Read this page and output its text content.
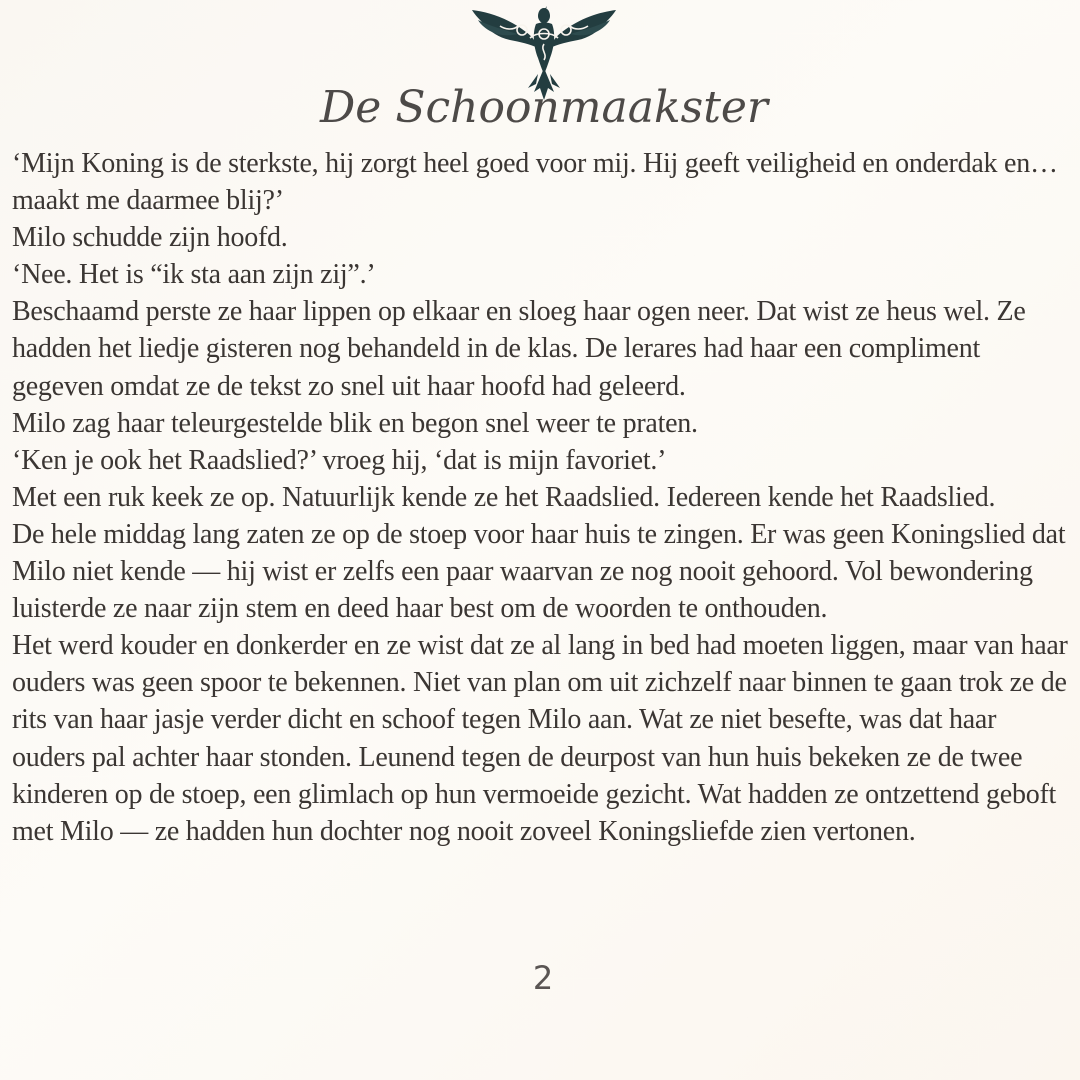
De Schoonmaakster

‘Mijn Koning is de sterkste, hij zorgt heel goed voor mij. Hij geeft veiligheid en onderdak en… maakt me daarmee blij?’

Milo schudde zijn hoofd.

‘Nee. Het is “ik sta aan zijn zij”.’

Beschaamd perste ze haar lippen op elkaar en sloeg haar ogen neer. Dat wist ze heus wel. Ze hadden het liedje gisteren nog behandeld in de klas. De lerares had haar een compliment gegeven omdat ze de tekst zo snel uit haar hoofd had geleerd.

Milo zag haar teleurgestelde blik en begon snel weer te praten.

‘Ken je ook het Raadslied?’ vroeg hij, ‘dat is mijn favoriet.’

Met een ruk keek ze op. Natuurlijk kende ze het Raadslied. Iedereen kende het Raadslied.

De hele middag lang zaten ze op de stoep voor haar huis te zingen. Er was geen Koningslied dat Milo niet kende — hij wist er zelfs een paar waarvan ze nog nooit gehoord. Vol bewondering luisterde ze naar zijn stem en deed haar best om de woorden te onthouden.

Het werd kouder en donkerder en ze wist dat ze al lang in bed had moeten liggen, maar van haar ouders was geen spoor te bekennen. Niet van plan om uit zichzelf naar binnen te gaan trok ze de rits van haar jasje verder dicht en schoof tegen Milo aan. Wat ze niet besefte, was dat haar ouders pal achter haar stonden. Leunend tegen de deurpost van hun huis bekeken ze de twee kinderen op de stoep, een glimlach op hun vermoeide gezicht. Wat hadden ze ontzettend geboft met Milo — ze hadden hun dochter nog nooit zoveel Koningsliefde zien vertonen.

2
